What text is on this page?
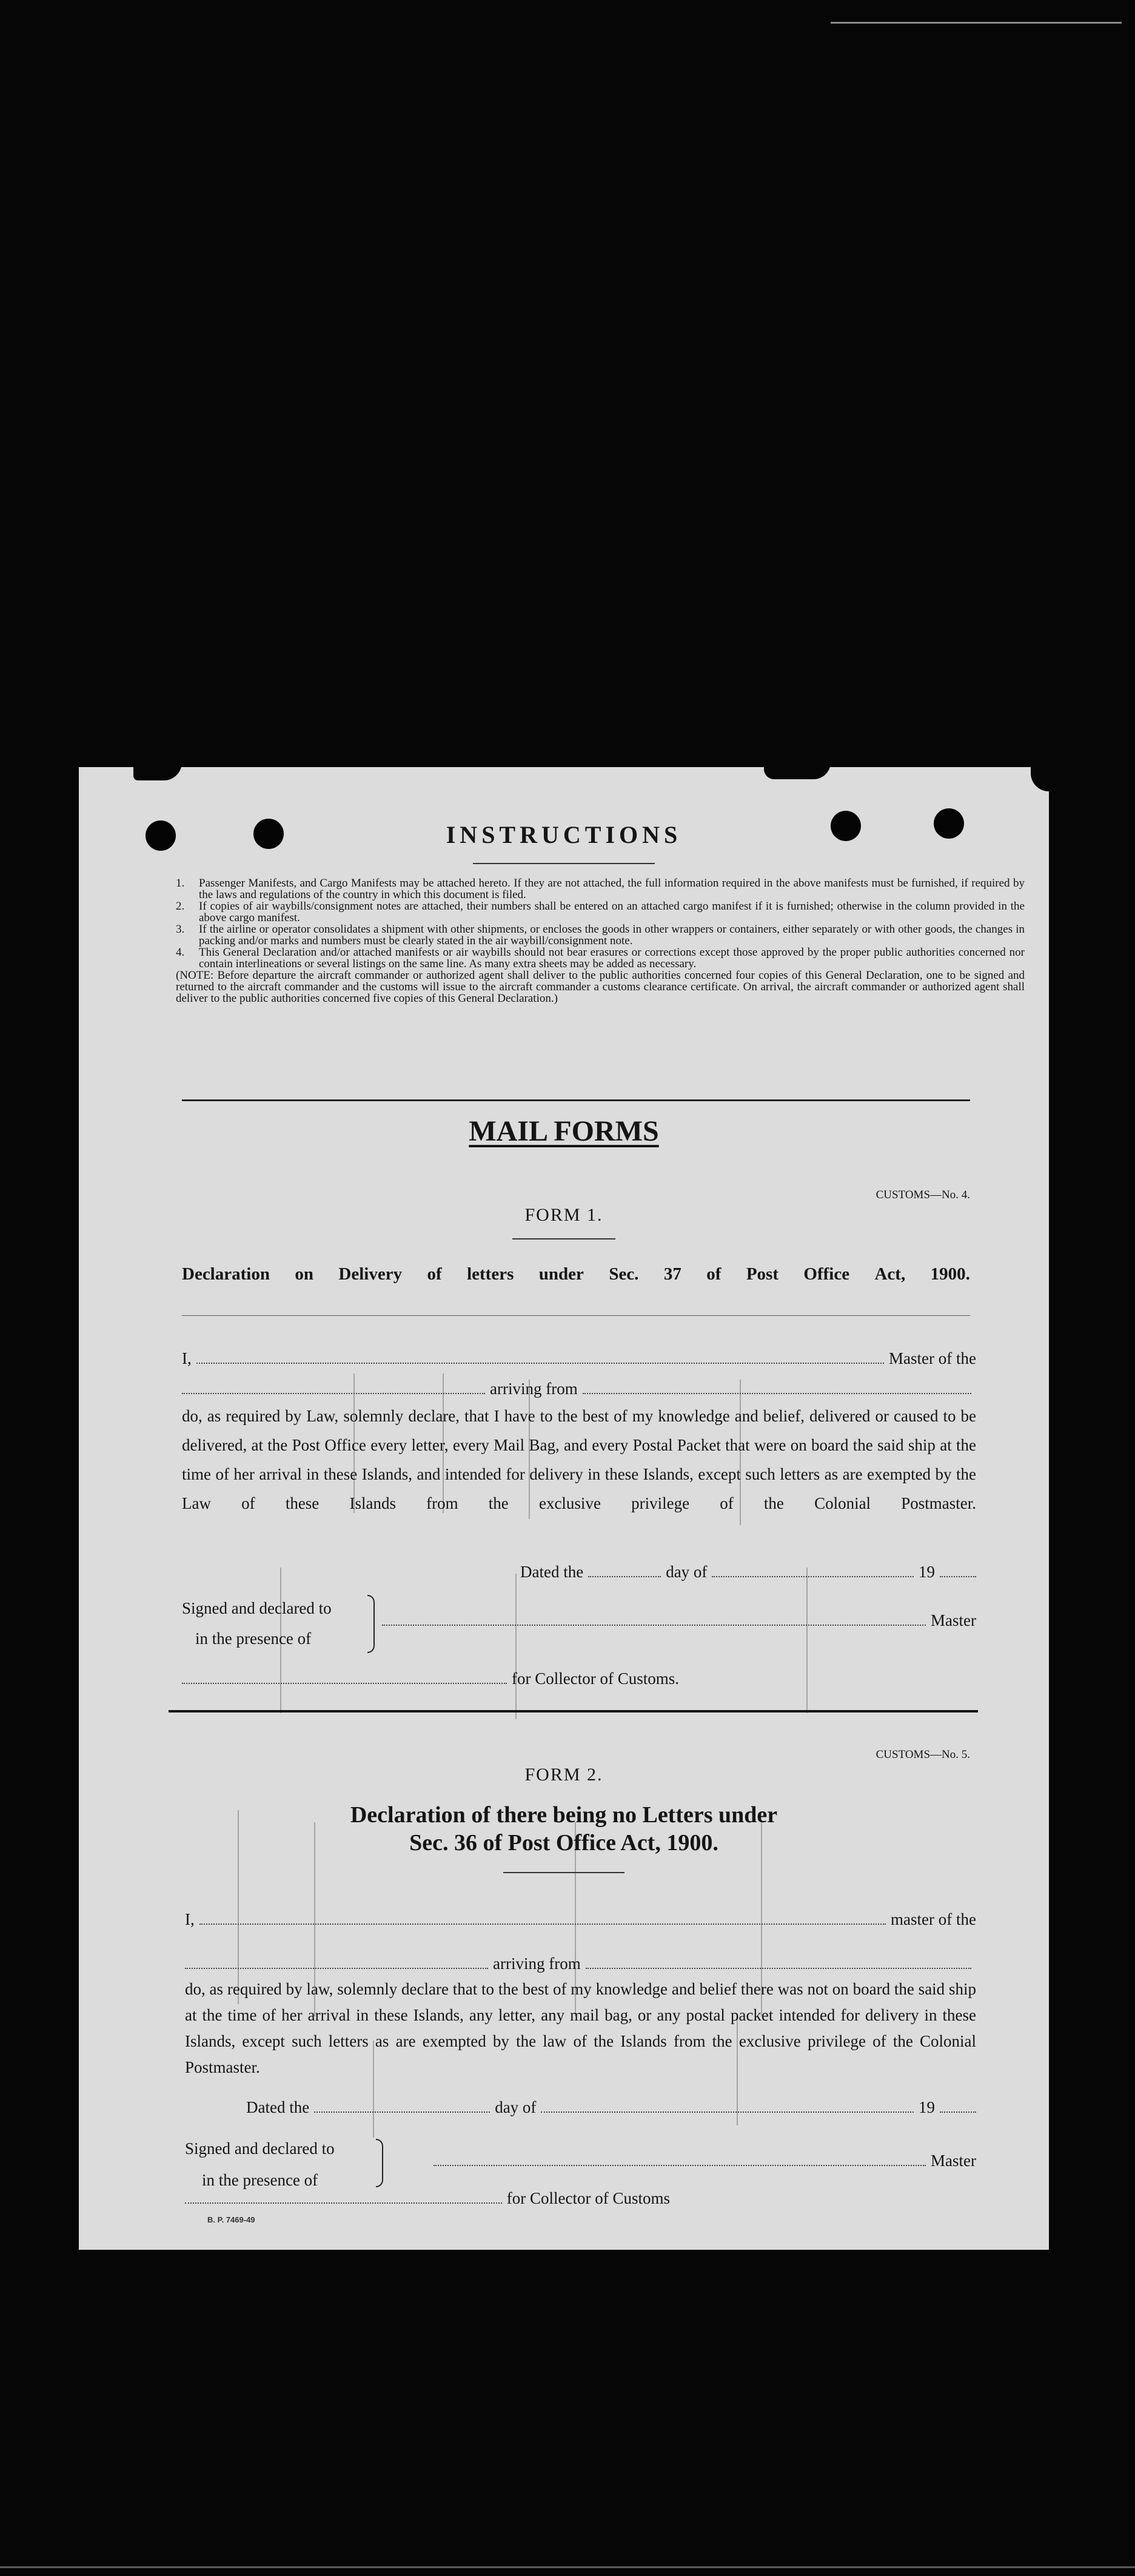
INSTRUCTIONS
1.	Passenger Manifests, and Cargo Manifests may be attached hereto. If they are not attached, the full information required in the above manifests must be furnished, if required by the laws and regulations of the country in which this document is filed.
2.	If copies of air waybills/consignment notes are attached, their numbers shall be entered on an attached cargo manifest if it is furnished; otherwise in the column provided in the above cargo manifest.
3.	If the airline or operator consolidates a shipment with other shipments, or encloses the goods in other wrappers or containers, either separately or with other goods, the changes in packing and/or marks and numbers must be clearly stated in the air waybill/consignment note.
4.	This General Declaration and/or attached manifests or air waybills should not bear erasures or corrections except those approved by the proper public authorities concerned nor contain interlineations or several listings on the same line. As many extra sheets may be added as necessary.
(NOTE: Before departure the aircraft commander or authorized agent shall deliver to the public authorities concerned four copies of this General Declaration, one to be signed and returned to the aircraft commander and the customs will issue to the aircraft commander a customs clearance certificate. On arrival, the aircraft commander or authorized agent shall deliver to the public authorities concerned five copies of this General Declaration.)
MAIL FORMS
CUSTOMS—No. 4.
FORM 1.
Declaration on Delivery of letters under Sec. 37 of Post Office Act, 1900.
I,	Master of the
arriving from
do, as required by Law, solemnly declare, that I have to the best of my knowledge and belief, delivered or caused to be delivered, at the Post Office every letter, every Mail Bag, and every Postal Packet that were on board the said ship at the time of her arrival in these Islands, and intended for delivery in these Islands, except such letters as are exempted by the Law of these Islands from the exclusive privilege of the Colonial Postmaster.
Dated the	day of	19
Signed and declared to
in the presence of
Master
for Collector of Customs.
CUSTOMS—No. 5.
FORM 2.
Declaration of there being no Letters under
Sec. 36 of Post Office Act, 1900.
I,	master of the
arriving from
do, as required by law, solemnly declare that to the best of my knowledge and belief there was not on board the said ship at the time of her arrival in these Islands, any letter, any mail bag, or any postal packet intended for delivery in these Islands, except such letters as are exempted by the law of the Islands from the exclusive privilege of the Colonial Postmaster.
Dated the	day of	19
Signed and declared to
in the presence of
Master
for Collector of Customs
B. P. 7469-49
